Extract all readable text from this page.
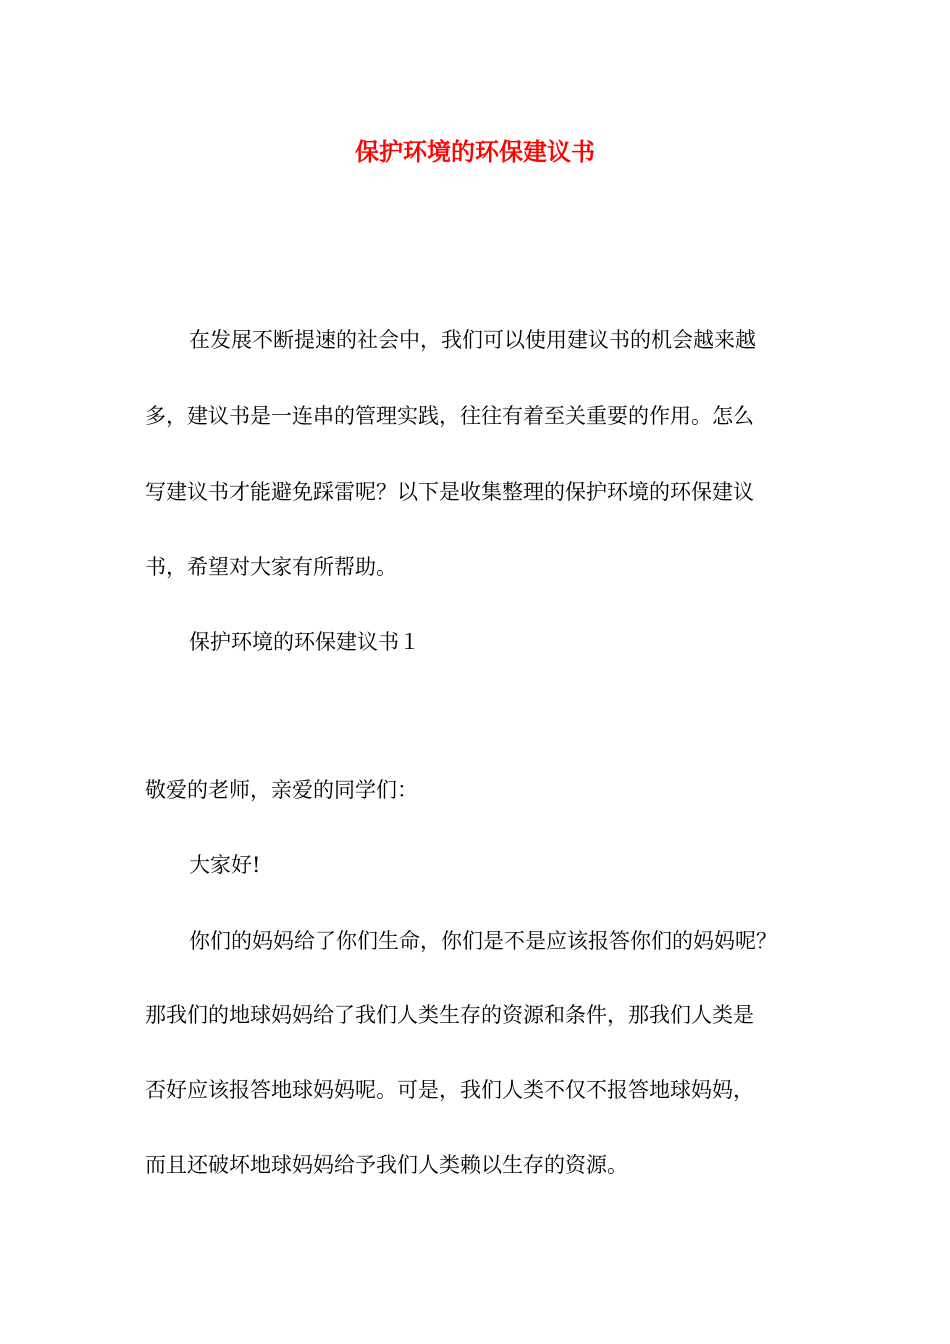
保护环境的环保建议书

在发展不断提速的社会中，我们可以使用建议书的机会越来越

多，建议书是一连串的管理实践，往往有着至关重要的作用。怎么

写建议书才能避免踩雷呢？以下是收集整理的保护环境的环保建议

书，希望对大家有所帮助。

保护环境的环保建议书１

敬爱的老师，亲爱的同学们：

大家好!

你们的妈妈给了你们生命，你们是不是应该报答你们的妈妈呢？

那我们的地球妈妈给了我们人类生存的资源和条件，那我们人类是

否好应该报答地球妈妈呢。可是，我们人类不仅不报答地球妈妈，

而且还破坏地球妈妈给予我们人类赖以生存的资源。
